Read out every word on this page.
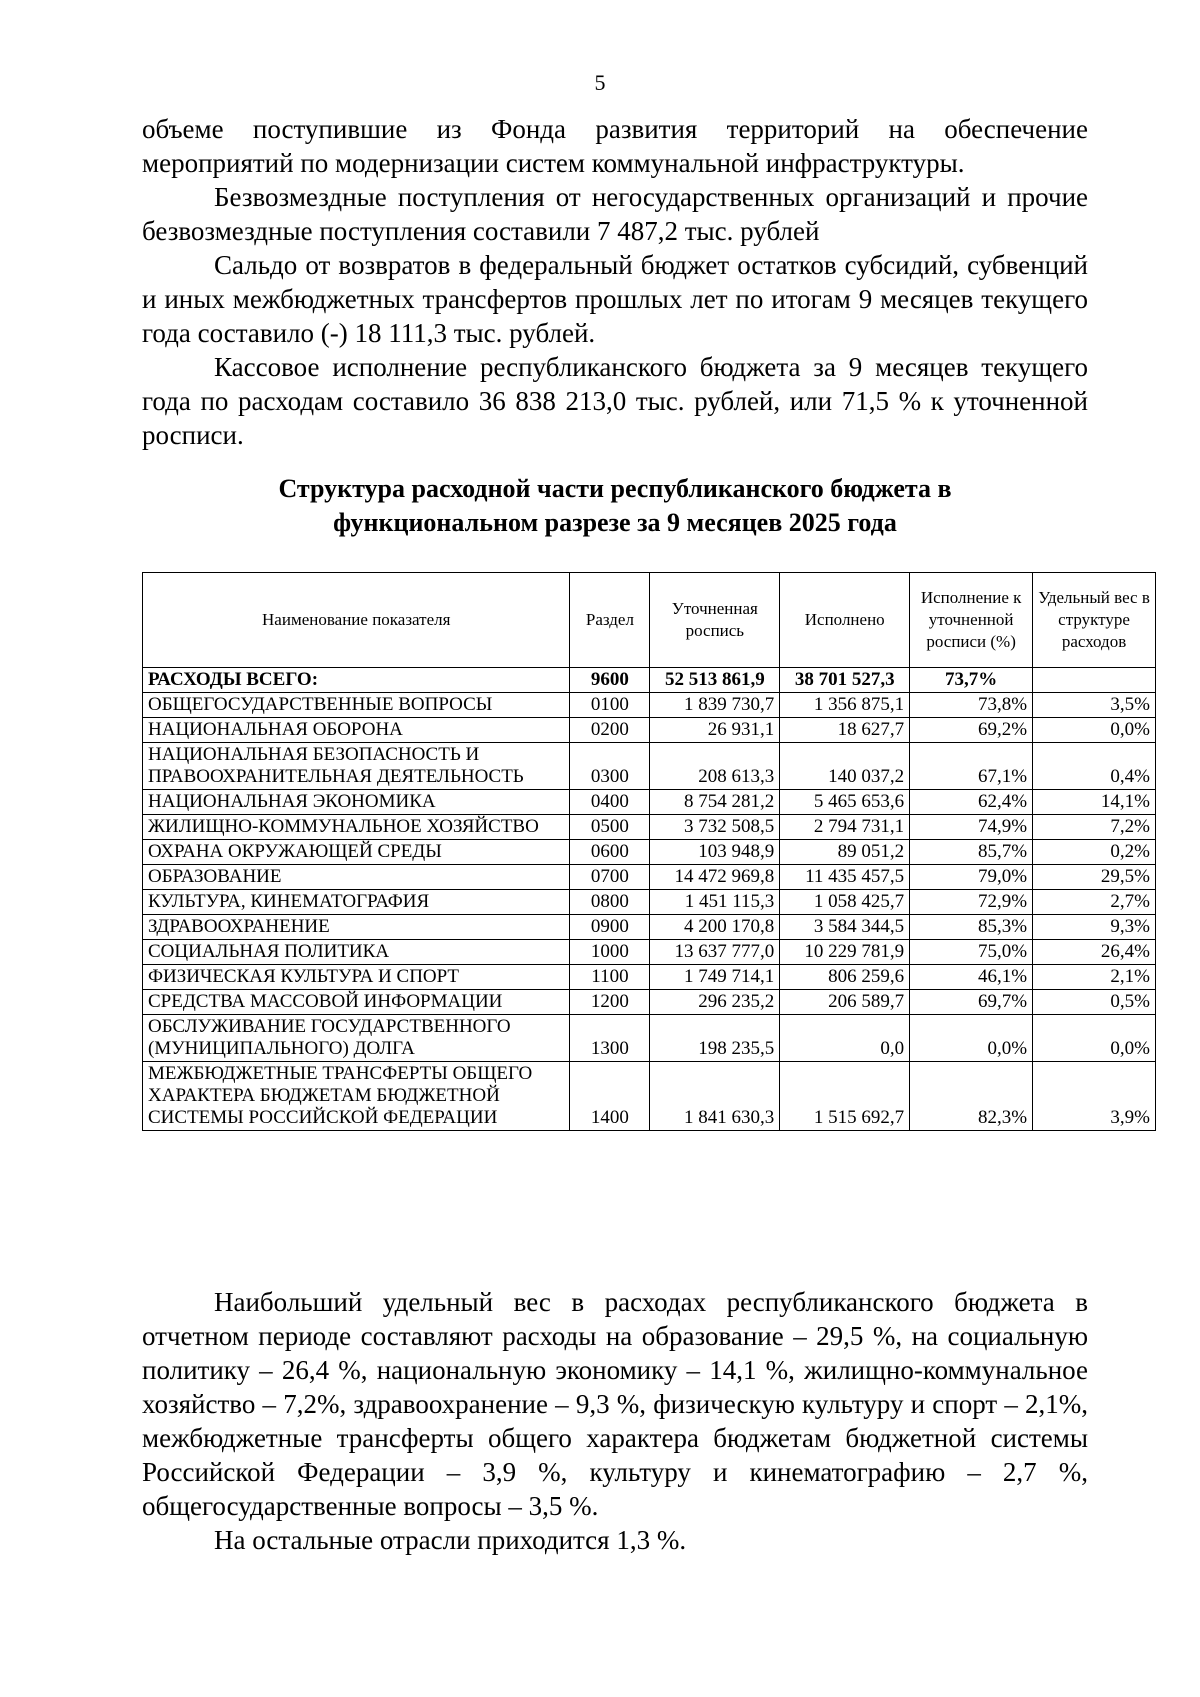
5

объеме поступившие из Фонда развития территорий на обеспечение мероприятий по модернизации систем коммунальной инфраструктуры.

Безвозмездные поступления от негосударственных организаций и прочие безвозмездные поступления составили 7 487,2 тыс. рублей

Сальдо от возвратов в федеральный бюджет остатков субсидий, субвенций и иных межбюджетных трансфертов прошлых лет по итогам 9 месяцев текущего года составило (-) 18 111,3 тыс. рублей.

Кассовое исполнение республиканского бюджета за 9 месяцев текущего года по расходам составило 36 838 213,0 тыс. рублей, или 71,5 % к уточненной росписи.

Структура расходной части республиканского бюджета в
функциональном разрезе за 9 месяцев 2025 года
Наименование показателя	Раздел	Уточненная роспись	Исполнено	Исполнение к уточненной росписи (%)	Удельный вес в структуре расходов
РАСХОДЫ ВСЕГО:	9600	52 513 861,9	38 701 527,3	73,7%	
ОБЩЕГОСУДАРСТВЕННЫЕ ВОПРОСЫ	0100	1 839 730,7	1 356 875,1	73,8%	3,5%
НАЦИОНАЛЬНАЯ ОБОРОНА	0200	26 931,1	18 627,7	69,2%	0,0%
НАЦИОНАЛЬНАЯ БЕЗОПАСНОСТЬ И ПРАВООХРАНИТЕЛЬНАЯ ДЕЯТЕЛЬНОСТЬ	0300	208 613,3	140 037,2	67,1%	0,4%
НАЦИОНАЛЬНАЯ ЭКОНОМИКА	0400	8 754 281,2	5 465 653,6	62,4%	14,1%
ЖИЛИЩНО-КОММУНАЛЬНОЕ ХОЗЯЙСТВО	0500	3 732 508,5	2 794 731,1	74,9%	7,2%
ОХРАНА ОКРУЖАЮЩЕЙ СРЕДЫ	0600	103 948,9	89 051,2	85,7%	0,2%
ОБРАЗОВАНИЕ	0700	14 472 969,8	11 435 457,5	79,0%	29,5%
КУЛЬТУРА, КИНЕМАТОГРАФИЯ	0800	1 451 115,3	1 058 425,7	72,9%	2,7%
ЗДРАВООХРАНЕНИЕ	0900	4 200 170,8	3 584 344,5	85,3%	9,3%
СОЦИАЛЬНАЯ ПОЛИТИКА	1000	13 637 777,0	10 229 781,9	75,0%	26,4%
ФИЗИЧЕСКАЯ КУЛЬТУРА И СПОРТ	1100	1 749 714,1	806 259,6	46,1%	2,1%
СРЕДСТВА МАССОВОЙ ИНФОРМАЦИИ	1200	296 235,2	206 589,7	69,7%	0,5%
ОБСЛУЖИВАНИЕ ГОСУДАРСТВЕННОГО (МУНИЦИПАЛЬНОГО) ДОЛГА	1300	198 235,5	0,0	0,0%	0,0%
МЕЖБЮДЖЕТНЫЕ ТРАНСФЕРТЫ ОБЩЕГО ХАРАКТЕРА БЮДЖЕТАМ БЮДЖЕТНОЙ СИСТЕМЫ РОССИЙСКОЙ ФЕДЕРАЦИИ	1400	1 841 630,3	1 515 692,7	82,3%	3,9%

Наибольший удельный вес в расходах республиканского бюджета в отчетном периоде составляют расходы на образование – 29,5 %, на социальную политику – 26,4 %, национальную экономику – 14,1 %, жилищно-коммунальное хозяйство – 7,2%, здравоохранение – 9,3 %, физическую культуру и спорт – 2,1%, межбюджетные трансферты общего характера бюджетам бюджетной системы Российской Федерации – 3,9 %, культуру и кинематографию – 2,7 %, общегосударственные вопросы – 3,5 %.

На остальные отрасли приходится 1,3 %.
